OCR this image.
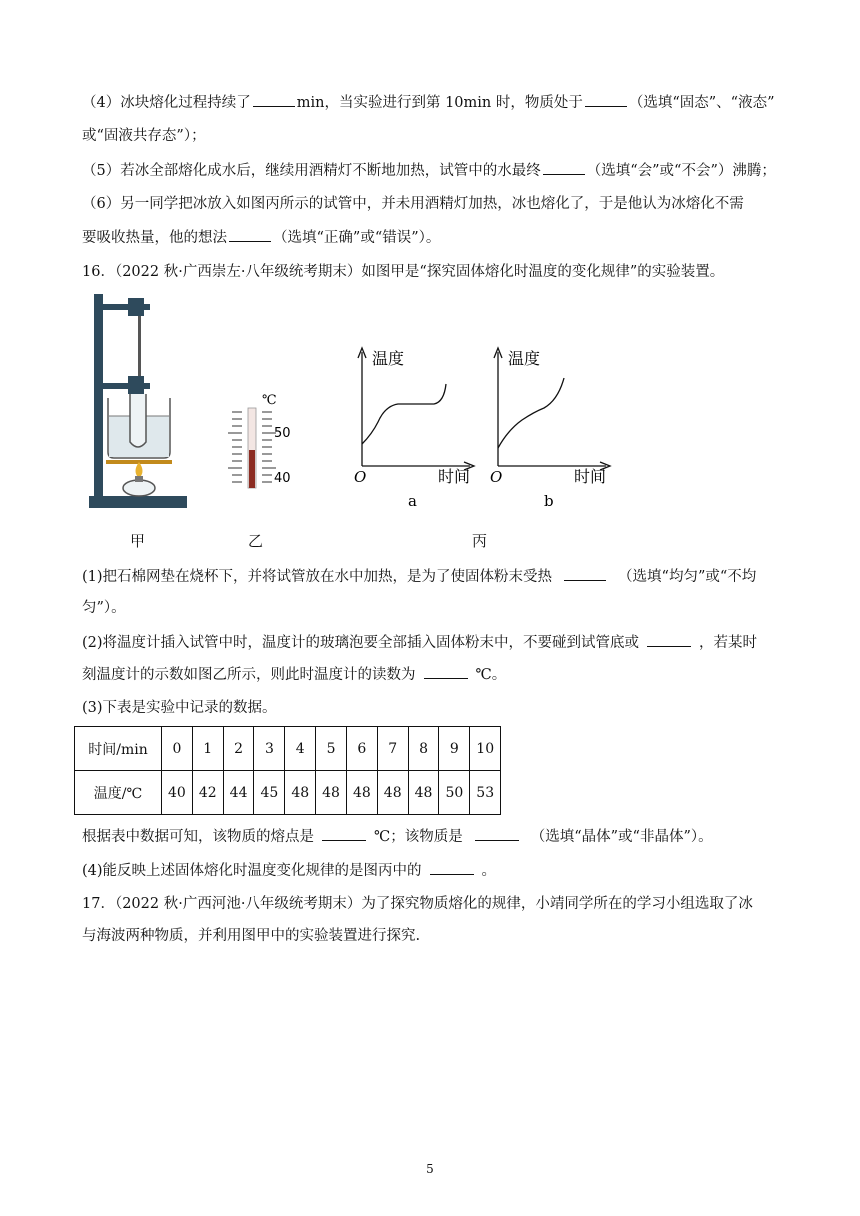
（4）冰块熔化过程持续了	min，当实验进行到第 10min 时，物质处于	（选填“固态”、“液态”
或“固液共存态”）；
（5）若冰全部熔化成水后，继续用酒精灯不断地加热，试管中的水最终	（选填“会”或“不会”）沸腾；
（6）另一同学把冰放入如图丙所示的试管中，并未用酒精灯加热，冰也熔化了，于是他认为冰熔化不需
要吸收热量，他的想法	（选填“正确”或“错误”）。
16．（2022 秋·广西崇左·八年级统考期末）如图甲是“探究固体熔化时温度的变化规律”的实验装置。
℃
50
40
温度
时间
O
a
温度
时间
O
b
甲	乙	丙
(1)把石棉网垫在烧杯下，并将试管放在水中加热，是为了使固体粉末受热	（选填“均匀”或“不均
匀”）。
(2)将温度计插入试管中时，温度计的玻璃泡要全部插入固体粉末中，不要碰到试管底或	，若某时
刻温度计的示数如图乙所示，则此时温度计的读数为	℃。
(3)下表是实验中记录的数据。
时间/min	0	1	2	3	4	5	6	7	8	9	10
温度/℃	40	42	44	45	48	48	48	48	48	50	53
根据表中数据可知，该物质的熔点是	℃；该物质是	（选填“晶体”或“非晶体”）。
(4)能反映上述固体熔化时温度变化规律的是图丙中的	。
17．（2022 秋·广西河池·八年级统考期末）为了探究物质熔化的规律，小靖同学所在的学习小组选取了冰
与海波两种物质，并利用图甲中的实验装置进行探究.
5
